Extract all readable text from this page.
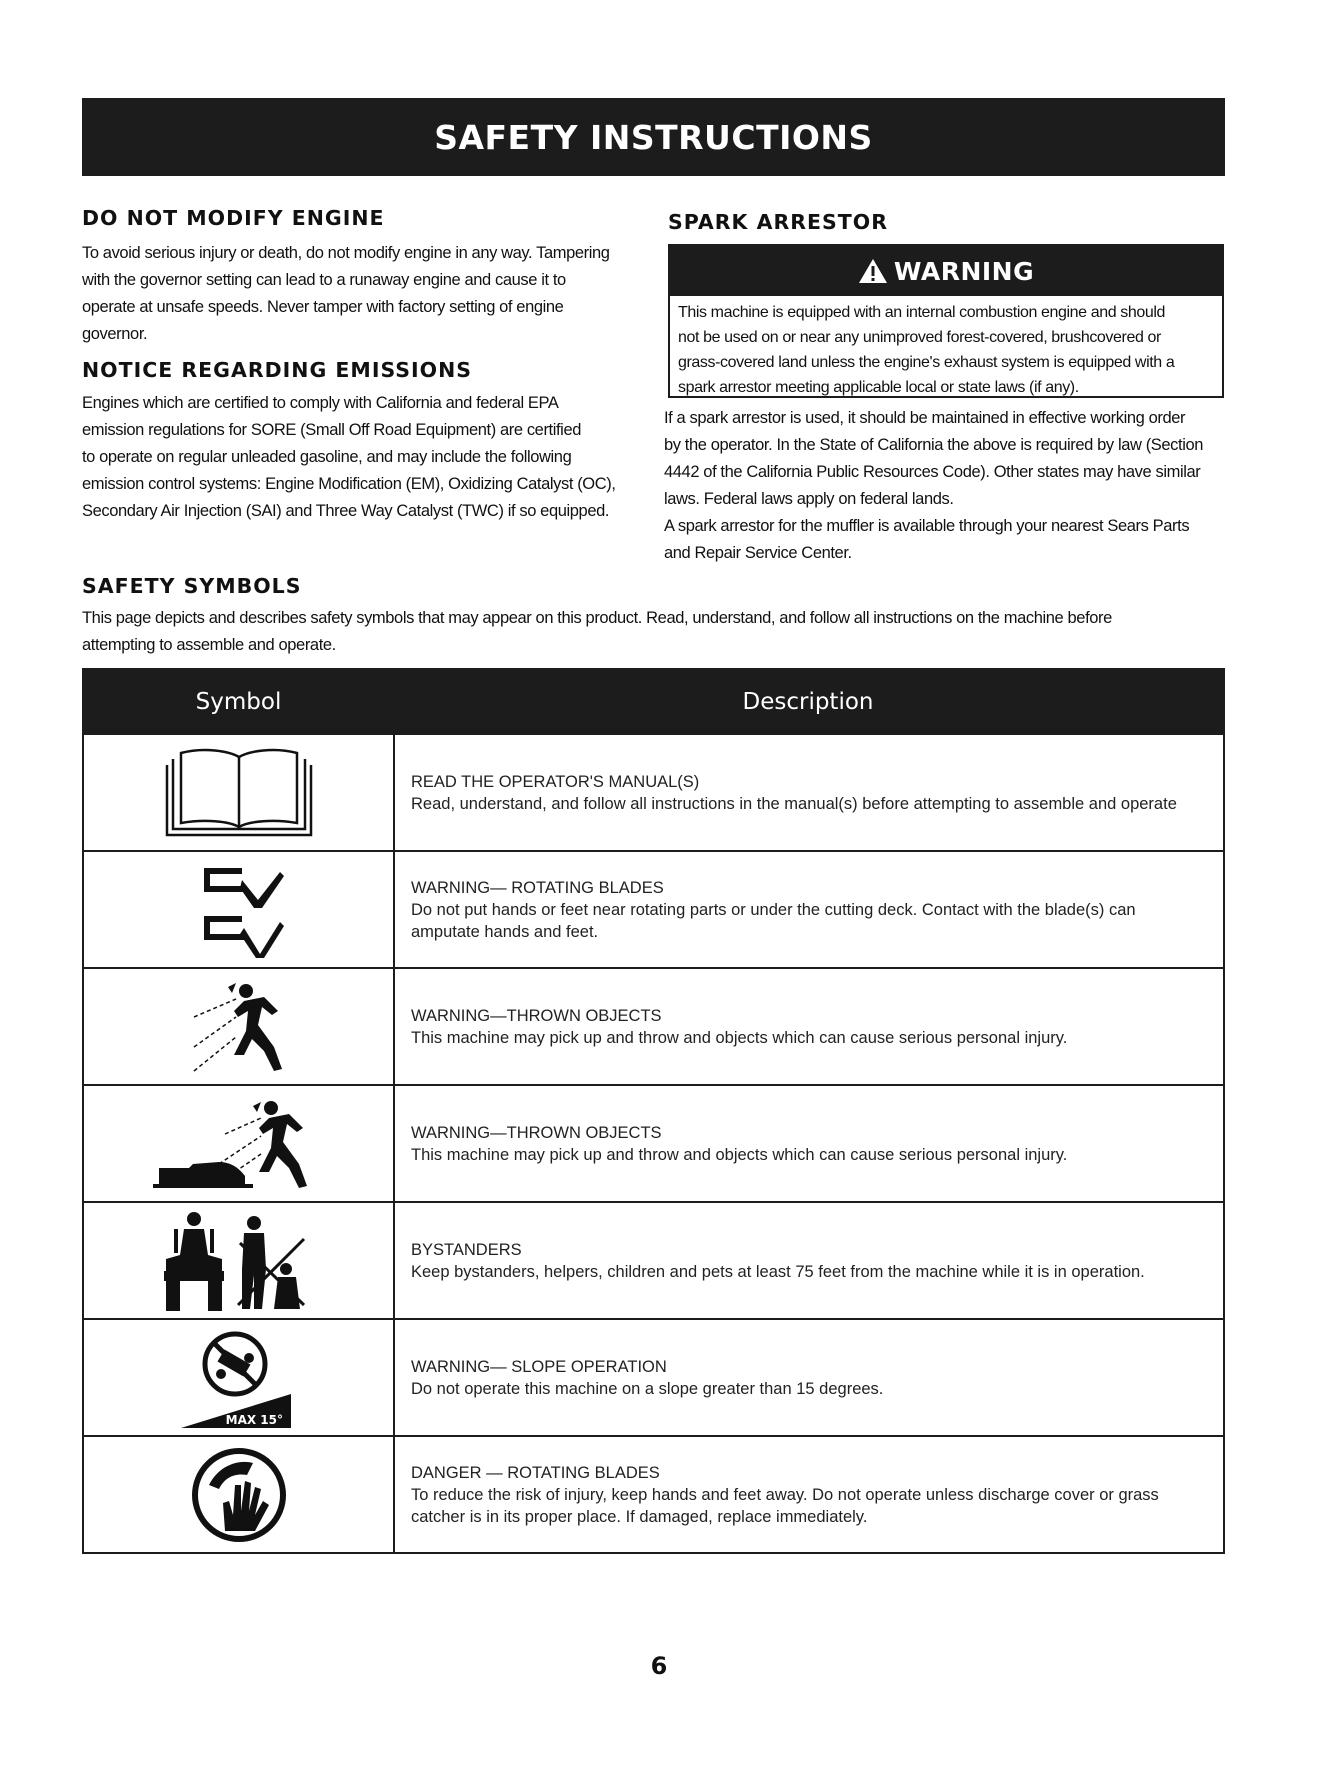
SAFETY INSTRUCTIONS
DO NOT MODIFY ENGINE
To avoid serious injury or death, do not modify engine in any way. Tampering
with the governor setting can lead to a runaway engine and cause it to
operate at unsafe speeds. Never tamper with factory setting of engine
governor.
NOTICE REGARDING EMISSIONS
Engines which are certified to comply with California and federal EPA
emission regulations for SORE (Small Off Road Equipment) are certified
to operate on regular unleaded gasoline, and may include the following
emission control systems: Engine Modification (EM), Oxidizing Catalyst (OC),
Secondary Air Injection (SAI) and Three Way Catalyst (TWC) if so equipped.
SPARK ARRESTOR
WARNING
This machine is equipped with an internal combustion engine and should
not be used on or near any unimproved forest-covered, brushcovered or
grass-covered land unless the engine's exhaust system is equipped with a
spark arrestor meeting applicable local or state laws (if any).
If a spark arrestor is used, it should be maintained in effective working order
by the operator. In the State of California the above is required by law (Section
4442 of the California Public Resources Code). Other states may have similar
laws. Federal laws apply on federal lands.
A spark arrestor for the muffler is available through your nearest Sears Parts
and Repair Service Center.
SAFETY SYMBOLS
This page depicts and describes safety symbols that may appear on this product. Read, understand, and follow all instructions on the machine before
attempting to assemble and operate.
Symbol	Description
READ THE OPERATOR'S MANUAL(S)
Read, understand, and follow all instructions in the manual(s) before attempting to assemble and operate
WARNING— ROTATING BLADES
Do not put hands or feet near rotating parts or under the cutting deck. Contact with the blade(s) can amputate hands and feet.
WARNING—THROWN OBJECTS
This machine may pick up and throw and objects which can cause serious personal injury.
WARNING—THROWN OBJECTS
This machine may pick up and throw and objects which can cause serious personal injury.
BYSTANDERS
Keep bystanders, helpers, children and pets at least 75 feet from the machine while it is in operation.
MAX 15°
WARNING— SLOPE OPERATION
Do not operate this machine on a slope greater than 15 degrees.
DANGER — ROTATING BLADES
To reduce the risk of injury, keep hands and feet away. Do not operate unless discharge cover or grass catcher is in its proper place. If damaged, replace immediately.
6
